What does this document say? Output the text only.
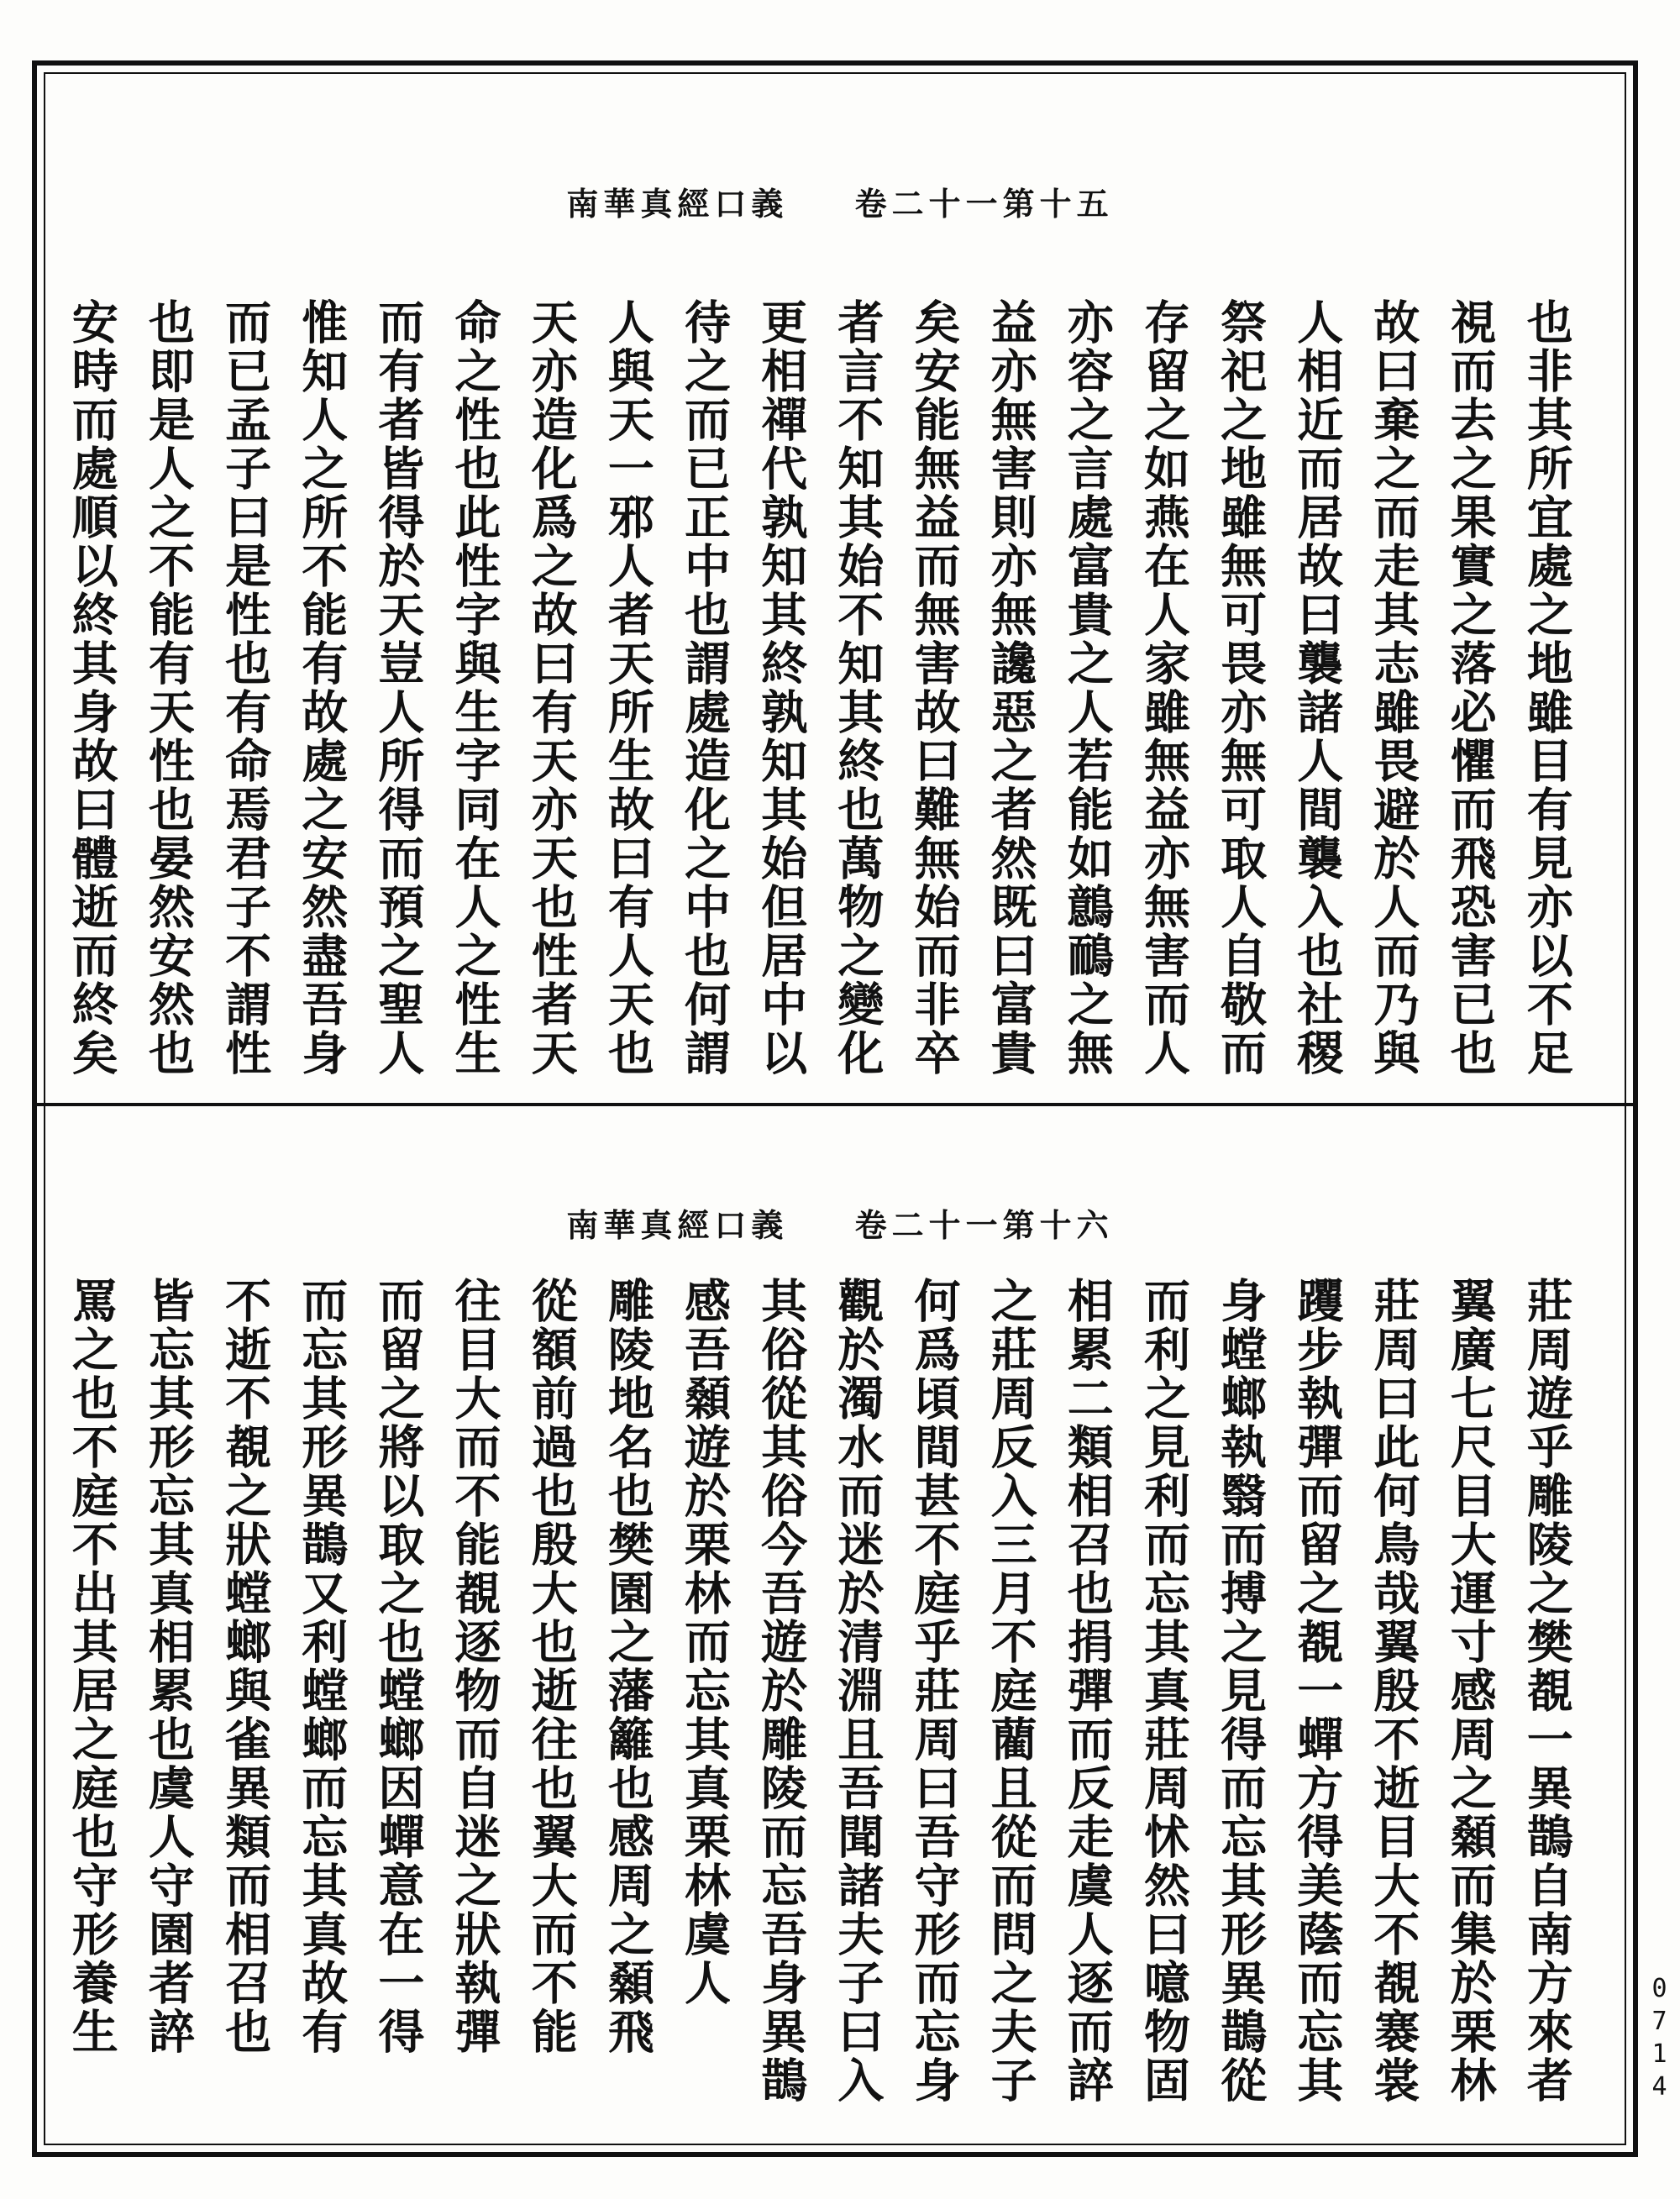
南華真經口義 卷二十一第十五
也非其所宜處之地雖目有見亦以不足
視而去之果實之落必懼而飛恐害已也
故曰棄之而走其志雖畏避於人而乃與
人相近而居故曰襲諸人間襲入也社稷
祭祀之地雖無可畏亦無可取人自敬而
存留之如燕在人家雖無益亦無害而人
亦容之言處富貴之人若能如鷾鴯之無
益亦無害則亦無讒惡之者然既曰富貴
矣安能無益而無害故曰難無始而非卒
者言不知其始不知其終也萬物之變化
更相禪代孰知其終孰知其始但居中以
待之而已正中也謂處造化之中也何謂
人與天一邪人者天所生故曰有人天也
天亦造化爲之故曰有天亦天也性者天
命之性也此性字與生字同在人之性生
而有者皆得於天豈人所得而預之聖人
惟知人之所不能有故處之安然盡吾身
而已孟子曰是性也有命焉君子不謂性
也即是人之不能有天性也晏然安然也
安時而處順以終其身故曰體逝而終矣
南華真經口義 卷二十一第十六
莊周遊乎雕陵之樊覩一異鵲自南方來者
翼廣七尺目大運寸感周之顙而集於栗林
莊周曰此何鳥哉翼殷不逝目大不覩褰裳
躩步執彈而留之覩一蟬方得美蔭而忘其
身螳螂執翳而搏之見得而忘其形異鵲從
而利之見利而忘其真莊周怵然曰噫物固
相累二類相召也捐彈而反走虞人逐而誶
之莊周反入三月不庭藺且從而問之夫子
何爲頃間甚不庭乎莊周曰吾守形而忘身
觀於濁水而迷於清淵且吾聞諸夫子曰入
其俗從其俗今吾遊於雕陵而忘吾身異鵲
感吾顙遊於栗林而忘其真栗林虞人
雕陵地名也樊園之藩籬也感周之顙飛
從額前過也殷大也逝往也翼大而不能
往目大而不能覩逐物而自迷之狀執彈
而留之將以取之也螳螂因蟬意在一得
而忘其形異鵲又利螳螂而忘其真故有
不逝不覩之狀螳螂與雀異類而相召也
皆忘其形忘其真相累也虞人守園者誶
罵之也不庭不出其居之庭也守形養生	0714
